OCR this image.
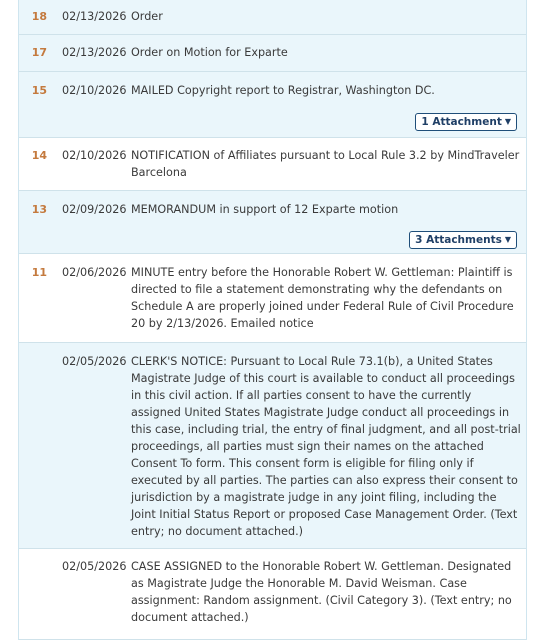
18 02/13/2026 Order
17 02/13/2026 Order on Motion for Exparte
15 02/10/2026 MAILED Copyright report to Registrar, Washington DC.
1 Attachment ▼
14 02/10/2026 NOTIFICATION of Affiliates pursuant to Local Rule 3.2 by MindTraveler Barcelona
13 02/09/2026 MEMORANDUM in support of 12 Exparte motion
3 Attachments ▼
11 02/06/2026 MINUTE entry before the Honorable Robert W. Gettleman: Plaintiff is directed to file a statement demonstrating why the defendants on Schedule A are properly joined under Federal Rule of Civil Procedure 20 by 2/13/2026. Emailed notice
02/05/2026 CLERK'S NOTICE: Pursuant to Local Rule 73.1(b), a United States Magistrate Judge of this court is available to conduct all proceedings in this civil action. If all parties consent to have the currently assigned United States Magistrate Judge conduct all proceedings in this case, including trial, the entry of final judgment, and all post-trial proceedings, all parties must sign their names on the attached Consent To form. This consent form is eligible for filing only if executed by all parties. The parties can also express their consent to jurisdiction by a magistrate judge in any joint filing, including the Joint Initial Status Report or proposed Case Management Order. (Text entry; no document attached.)
02/05/2026 CASE ASSIGNED to the Honorable Robert W. Gettleman. Designated as Magistrate Judge the Honorable M. David Weisman. Case assignment: Random assignment. (Civil Category 3). (Text entry; no document attached.)
